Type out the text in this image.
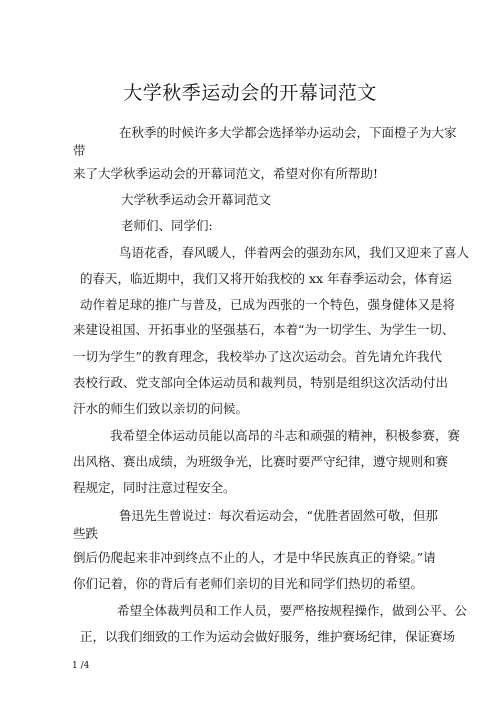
大学秋季运动会的开幕词范文
在秋季的时候许多大学都会选择举办运动会，下面橙子为大家
带
来了大学秋季运动会的开幕词范文，希望对你有所帮助!
大学秋季运动会开幕词范文
老师们、同学们:
鸟语花香，春风暖人，伴着两会的强劲东风，我们又迎来了喜人
的春天，临近期中，我们又将开始我校的 xx 年春季运动会，体育运
动作着足球的推广与普及，已成为西张的一个特色，强身健体又是将
来建设祖国、开拓事业的坚强基石，本着“为一切学生、为学生一切、
一切为学生”的教育理念，我校举办了这次运动会。首先请允许我代
表校行政、党支部向全体运动员和裁判员，特别是组织这次活动付出
汗水的师生们致以亲切的问候。
我希望全体运动员能以高昂的斗志和顽强的精神，积极参赛，赛
出风格、赛出成绩，为班级争光，比赛时要严守纪律，遵守规则和赛
程规定，同时注意过程安全。
鲁迅先生曾说过：每次看运动会，“优胜者固然可敬，但那
些跌
倒后仍爬起来非冲到终点不止的人，才是中华民族真正的脊梁。”请
你们记着，你的背后有老师们亲切的目光和同学们热切的希望。
希望全体裁判员和工作人员，要严格按规程操作，做到公平、公
正，以我们细致的工作为运动会做好服务，维护赛场纪律，保证赛场
1 /4
